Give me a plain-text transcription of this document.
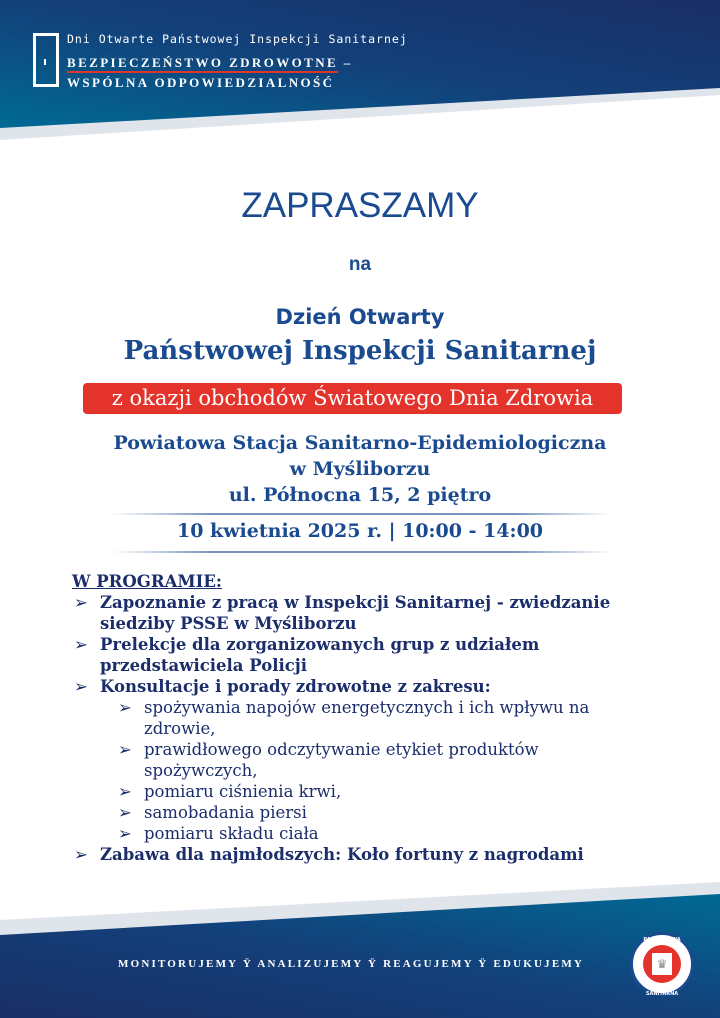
Dni Otwarte Państwowej Inspekcji Sanitarnej
BEZPIECZEŃSTWO ZDROWOTNE –
WSPÓLNA ODPOWIEDZIALNOŚĆ
ZAPRASZAMY
na
Dzień Otwarty
Państwowej Inspekcji Sanitarnej
z okazji obchodów Światowego Dnia Zdrowia
Powiatowa Stacja Sanitarno-Epidemiologiczna
w Myśliborzu
ul. Północna 15, 2 piętro
10 kwietnia 2025 r. | 10:00 - 14:00
W PROGRAMIE:
➢ Zapoznanie z pracą w Inspekcji Sanitarnej - zwiedzanie siedziby PSSE w Myśliborzu
➢ Prelekcje dla zorganizowanych grup z udziałem przedstawiciela Policji
➢ Konsultacje i porady zdrowotne z zakresu:
➢ spożywania napojów energetycznych i ich wpływu na zdrowie,
➢ prawidłowego odczytywanie etykiet produktów spożywczych,
➢ pomiaru ciśnienia krwi,
➢ samobadania piersi
➢ pomiaru składu ciała
➢ Zabawa dla najmłodszych: Koło fortuny z nagrodami
MONITORUJEMY Ÿ ANALIZUJEMY Ÿ REAGUJEMY Ÿ EDUKUJEMY	♛
PAŃSTWOWA
INSPEKCJA SANITARNA
